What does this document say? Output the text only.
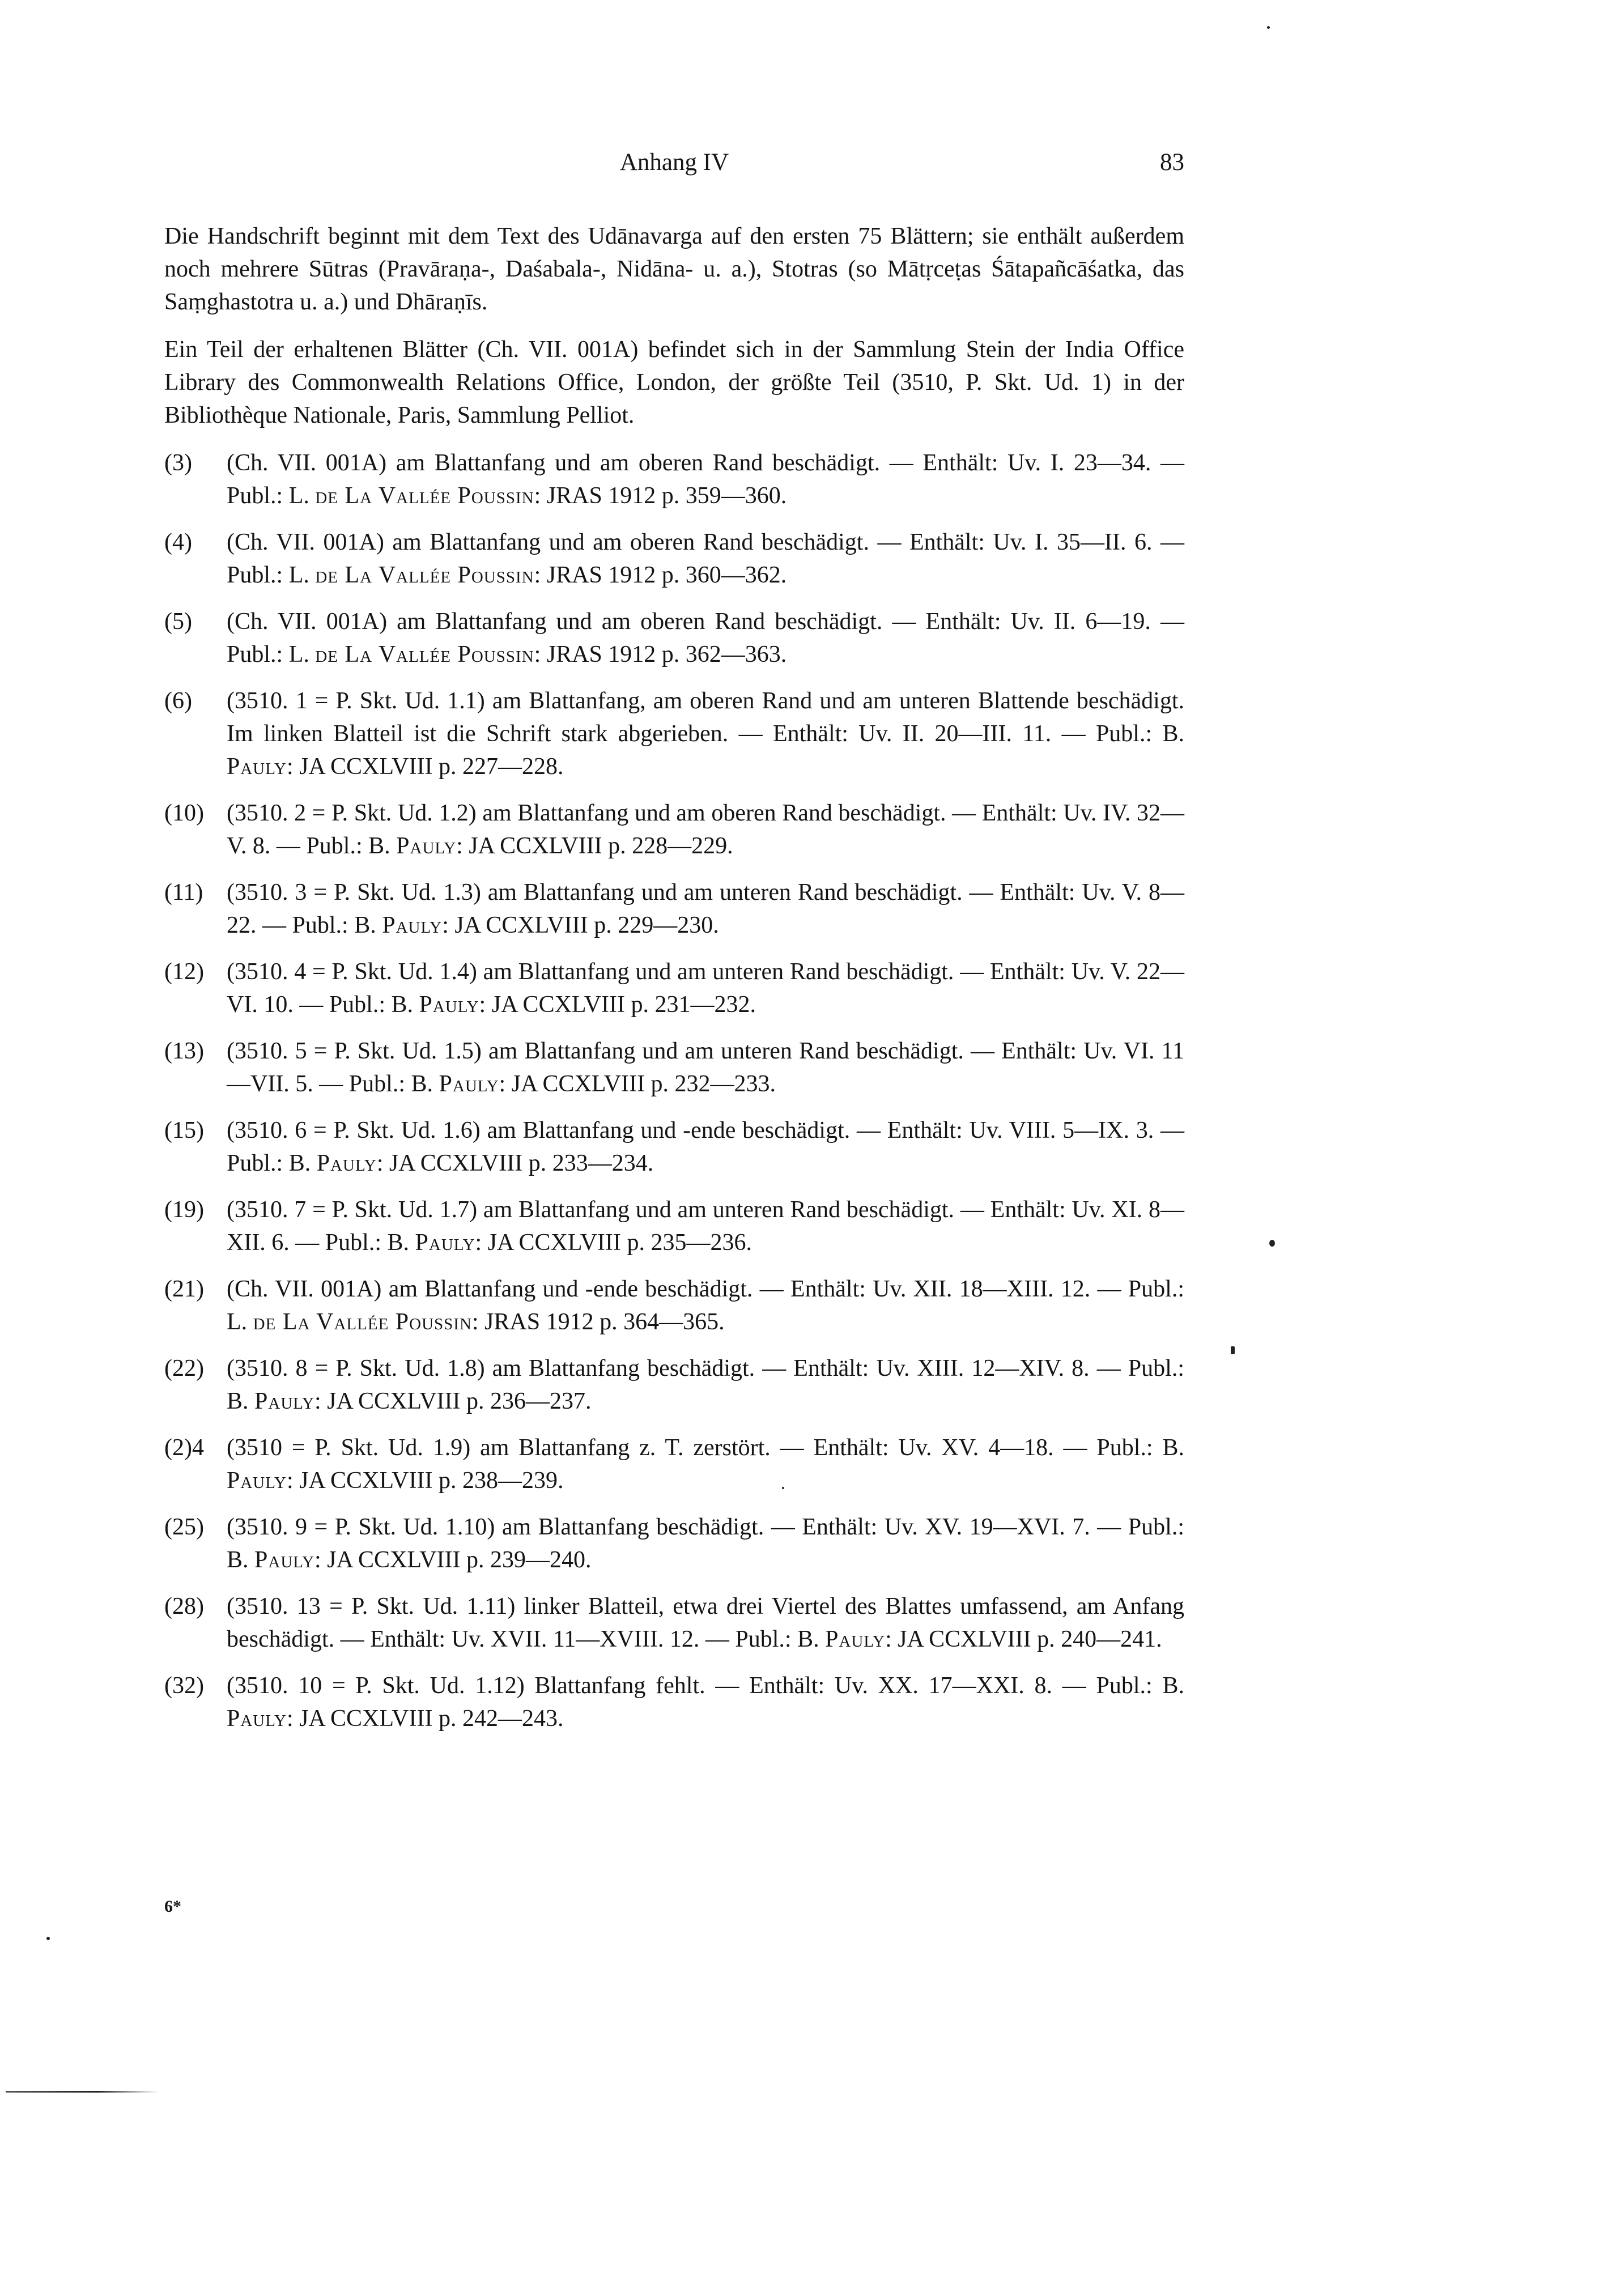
Anhang IV	83

Die Handschrift beginnt mit dem Text des Udānavarga auf den ersten 75 Blättern; sie enthält außerdem noch mehrere Sūtras (Pravāraṇa-, Daśabala-, Nidāna- u. a.), Stotras (so Mātṛceṭas Śātapañcāśatka, das Saṃghastotra u. a.) und Dhāraṇīs.

Ein Teil der erhaltenen Blätter (Ch. VII. 001A) befindet sich in der Sammlung Stein der India Office Library des Commonwealth Relations Office, London, der größte Teil (3510, P. Skt. Ud. 1) in der Bibliothèque Nationale, Paris, Sammlung Pelliot.

(3)	(Ch. VII. 001A) am Blattanfang und am oberen Rand beschädigt. — Enthält: Uv. I. 23—34. — Publ.: L. de La Vallée Poussin: JRAS 1912 p. 359—360.
(4)	(Ch. VII. 001A) am Blattanfang und am oberen Rand beschädigt. — Enthält: Uv. I. 35—II. 6. — Publ.: L. de La Vallée Poussin: JRAS 1912 p. 360—362.
(5)	(Ch. VII. 001A) am Blattanfang und am oberen Rand beschädigt. — Enthält: Uv. II. 6—19. — Publ.: L. de La Vallée Poussin: JRAS 1912 p. 362—363.
(6)	(3510. 1 = P. Skt. Ud. 1.1) am Blattanfang, am oberen Rand und am unteren Blattende beschädigt. Im linken Blatteil ist die Schrift stark abgerieben. — Enthält: Uv. II. 20—III. 11. — Publ.: B. Pauly: JA CCXLVIII p. 227—228.
(10) (3510. 2 = P. Skt. Ud. 1.2) am Blattanfang und am oberen Rand beschädigt. — Enthält: Uv. IV. 32—V. 8. — Publ.: B. Pauly: JA CCXLVIII p. 228—229.
(11) (3510. 3 = P. Skt. Ud. 1.3) am Blattanfang und am unteren Rand beschädigt. — Enthält: Uv. V. 8—22. — Publ.: B. Pauly: JA CCXLVIII p. 229—230.
(12) (3510. 4 = P. Skt. Ud. 1.4) am Blattanfang und am unteren Rand beschädigt. — Enthält: Uv. V. 22—VI. 10. — Publ.: B. Pauly: JA CCXLVIII p. 231—232.
(13) (3510. 5 = P. Skt. Ud. 1.5) am Blattanfang und am unteren Rand beschädigt. — Enthält: Uv. VI. 11—VII. 5. — Publ.: B. Pauly: JA CCXLVIII p. 232—233.
(15) (3510. 6 = P. Skt. Ud. 1.6) am Blattanfang und -ende beschädigt. — Enthält: Uv. VIII. 5—IX. 3. — Publ.: B. Pauly: JA CCXLVIII p. 233—234.
(19) (3510. 7 = P. Skt. Ud. 1.7) am Blattanfang und am unteren Rand beschädigt. — Enthält: Uv. XI. 8—XII. 6. — Publ.: B. Pauly: JA CCXLVIII p. 235—236.
(21) (Ch. VII. 001A) am Blattanfang und -ende beschädigt. — Enthält: Uv. XII. 18—XIII. 12. — Publ.: L. de La Vallée Poussin: JRAS 1912 p. 364—365.
(22) (3510. 8 = P. Skt. Ud. 1.8) am Blattanfang beschädigt. — Enthält: Uv. XIII. 12—XIV. 8. — Publ.: B. Pauly: JA CCXLVIII p. 236—237.
(2)4 (3510 = P. Skt. Ud. 1.9) am Blattanfang z. T. zerstört. — Enthält: Uv. XV. 4—18. — Publ.: B. Pauly: JA CCXLVIII p. 238—239.
(25) (3510. 9 = P. Skt. Ud. 1.10) am Blattanfang beschädigt. — Enthält: Uv. XV. 19—XVI. 7. — Publ.: B. Pauly: JA CCXLVIII p. 239—240.
(28) (3510. 13 = P. Skt. Ud. 1.11) linker Blatteil, etwa drei Viertel des Blattes umfassend, am Anfang beschädigt. — Enthält: Uv. XVII. 11—XVIII. 12. — Publ.: B. Pauly: JA CCXLVIII p. 240—241.
(32) (3510. 10 = P. Skt. Ud. 1.12) Blattanfang fehlt. — Enthält: Uv. XX. 17—XXI. 8. — Publ.: B. Pauly: JA CCXLVIII p. 242—243.
6*
